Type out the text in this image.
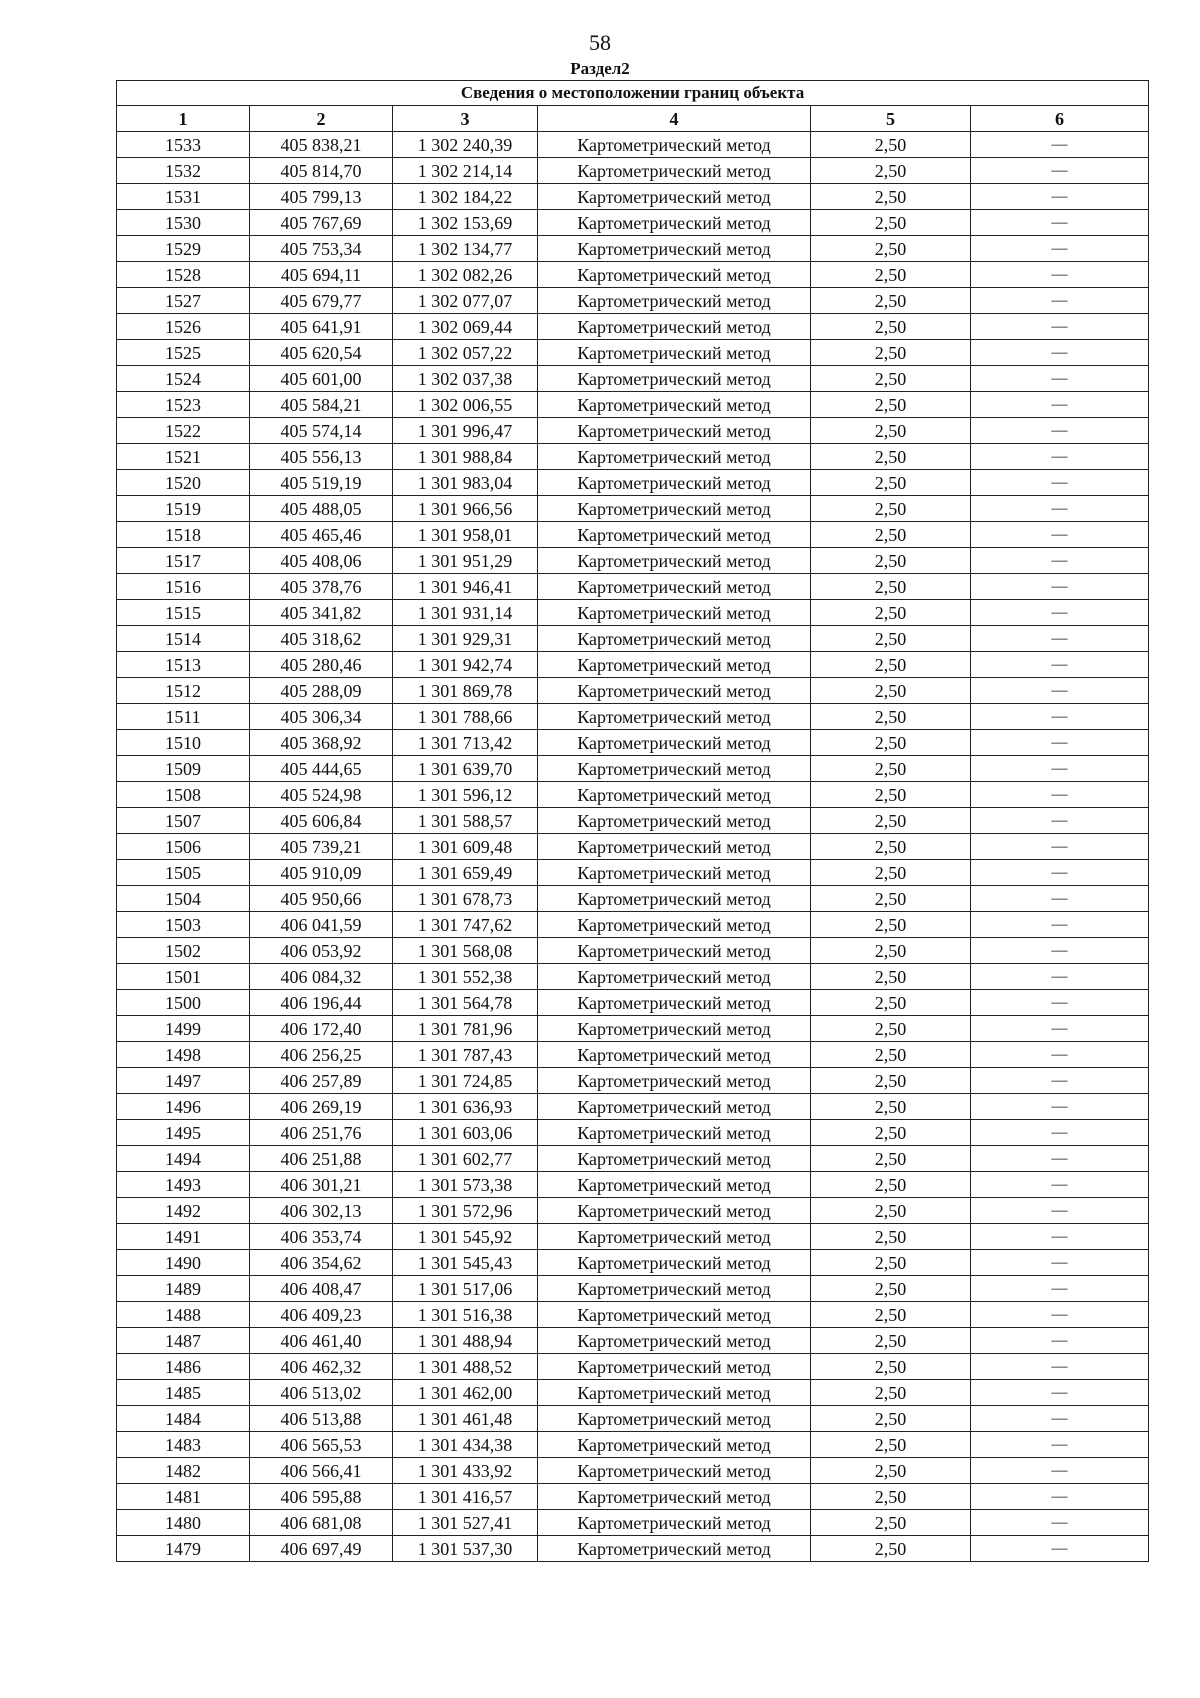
58
Раздел2
Сведения о местоположении границ объекта					
1	2	3	4	5	6
1533	405 838,21	1 302 240,39	Картометрический метод	2,50	—
1532	405 814,70	1 302 214,14	Картометрический метод	2,50	—
1531	405 799,13	1 302 184,22	Картометрический метод	2,50	—
1530	405 767,69	1 302 153,69	Картометрический метод	2,50	—
1529	405 753,34	1 302 134,77	Картометрический метод	2,50	—
1528	405 694,11	1 302 082,26	Картометрический метод	2,50	—
1527	405 679,77	1 302 077,07	Картометрический метод	2,50	—
1526	405 641,91	1 302 069,44	Картометрический метод	2,50	—
1525	405 620,54	1 302 057,22	Картометрический метод	2,50	—
1524	405 601,00	1 302 037,38	Картометрический метод	2,50	—
1523	405 584,21	1 302 006,55	Картометрический метод	2,50	—
1522	405 574,14	1 301 996,47	Картометрический метод	2,50	—
1521	405 556,13	1 301 988,84	Картометрический метод	2,50	—
1520	405 519,19	1 301 983,04	Картометрический метод	2,50	—
1519	405 488,05	1 301 966,56	Картометрический метод	2,50	—
1518	405 465,46	1 301 958,01	Картометрический метод	2,50	—
1517	405 408,06	1 301 951,29	Картометрический метод	2,50	—
1516	405 378,76	1 301 946,41	Картометрический метод	2,50	—
1515	405 341,82	1 301 931,14	Картометрический метод	2,50	—
1514	405 318,62	1 301 929,31	Картометрический метод	2,50	—
1513	405 280,46	1 301 942,74	Картометрический метод	2,50	—
1512	405 288,09	1 301 869,78	Картометрический метод	2,50	—
1511	405 306,34	1 301 788,66	Картометрический метод	2,50	—
1510	405 368,92	1 301 713,42	Картометрический метод	2,50	—
1509	405 444,65	1 301 639,70	Картометрический метод	2,50	—
1508	405 524,98	1 301 596,12	Картометрический метод	2,50	—
1507	405 606,84	1 301 588,57	Картометрический метод	2,50	—
1506	405 739,21	1 301 609,48	Картометрический метод	2,50	—
1505	405 910,09	1 301 659,49	Картометрический метод	2,50	—
1504	405 950,66	1 301 678,73	Картометрический метод	2,50	—
1503	406 041,59	1 301 747,62	Картометрический метод	2,50	—
1502	406 053,92	1 301 568,08	Картометрический метод	2,50	—
1501	406 084,32	1 301 552,38	Картометрический метод	2,50	—
1500	406 196,44	1 301 564,78	Картометрический метод	2,50	—
1499	406 172,40	1 301 781,96	Картометрический метод	2,50	—
1498	406 256,25	1 301 787,43	Картометрический метод	2,50	—
1497	406 257,89	1 301 724,85	Картометрический метод	2,50	—
1496	406 269,19	1 301 636,93	Картометрический метод	2,50	—
1495	406 251,76	1 301 603,06	Картометрический метод	2,50	—
1494	406 251,88	1 301 602,77	Картометрический метод	2,50	—
1493	406 301,21	1 301 573,38	Картометрический метод	2,50	—
1492	406 302,13	1 301 572,96	Картометрический метод	2,50	—
1491	406 353,74	1 301 545,92	Картометрический метод	2,50	—
1490	406 354,62	1 301 545,43	Картометрический метод	2,50	—
1489	406 408,47	1 301 517,06	Картометрический метод	2,50	—
1488	406 409,23	1 301 516,38	Картометрический метод	2,50	—
1487	406 461,40	1 301 488,94	Картометрический метод	2,50	—
1486	406 462,32	1 301 488,52	Картометрический метод	2,50	—
1485	406 513,02	1 301 462,00	Картометрический метод	2,50	—
1484	406 513,88	1 301 461,48	Картометрический метод	2,50	—
1483	406 565,53	1 301 434,38	Картометрический метод	2,50	—
1482	406 566,41	1 301 433,92	Картометрический метод	2,50	—
1481	406 595,88	1 301 416,57	Картометрический метод	2,50	—
1480	406 681,08	1 301 527,41	Картометрический метод	2,50	—
1479	406 697,49	1 301 537,30	Картометрический метод	2,50	—
